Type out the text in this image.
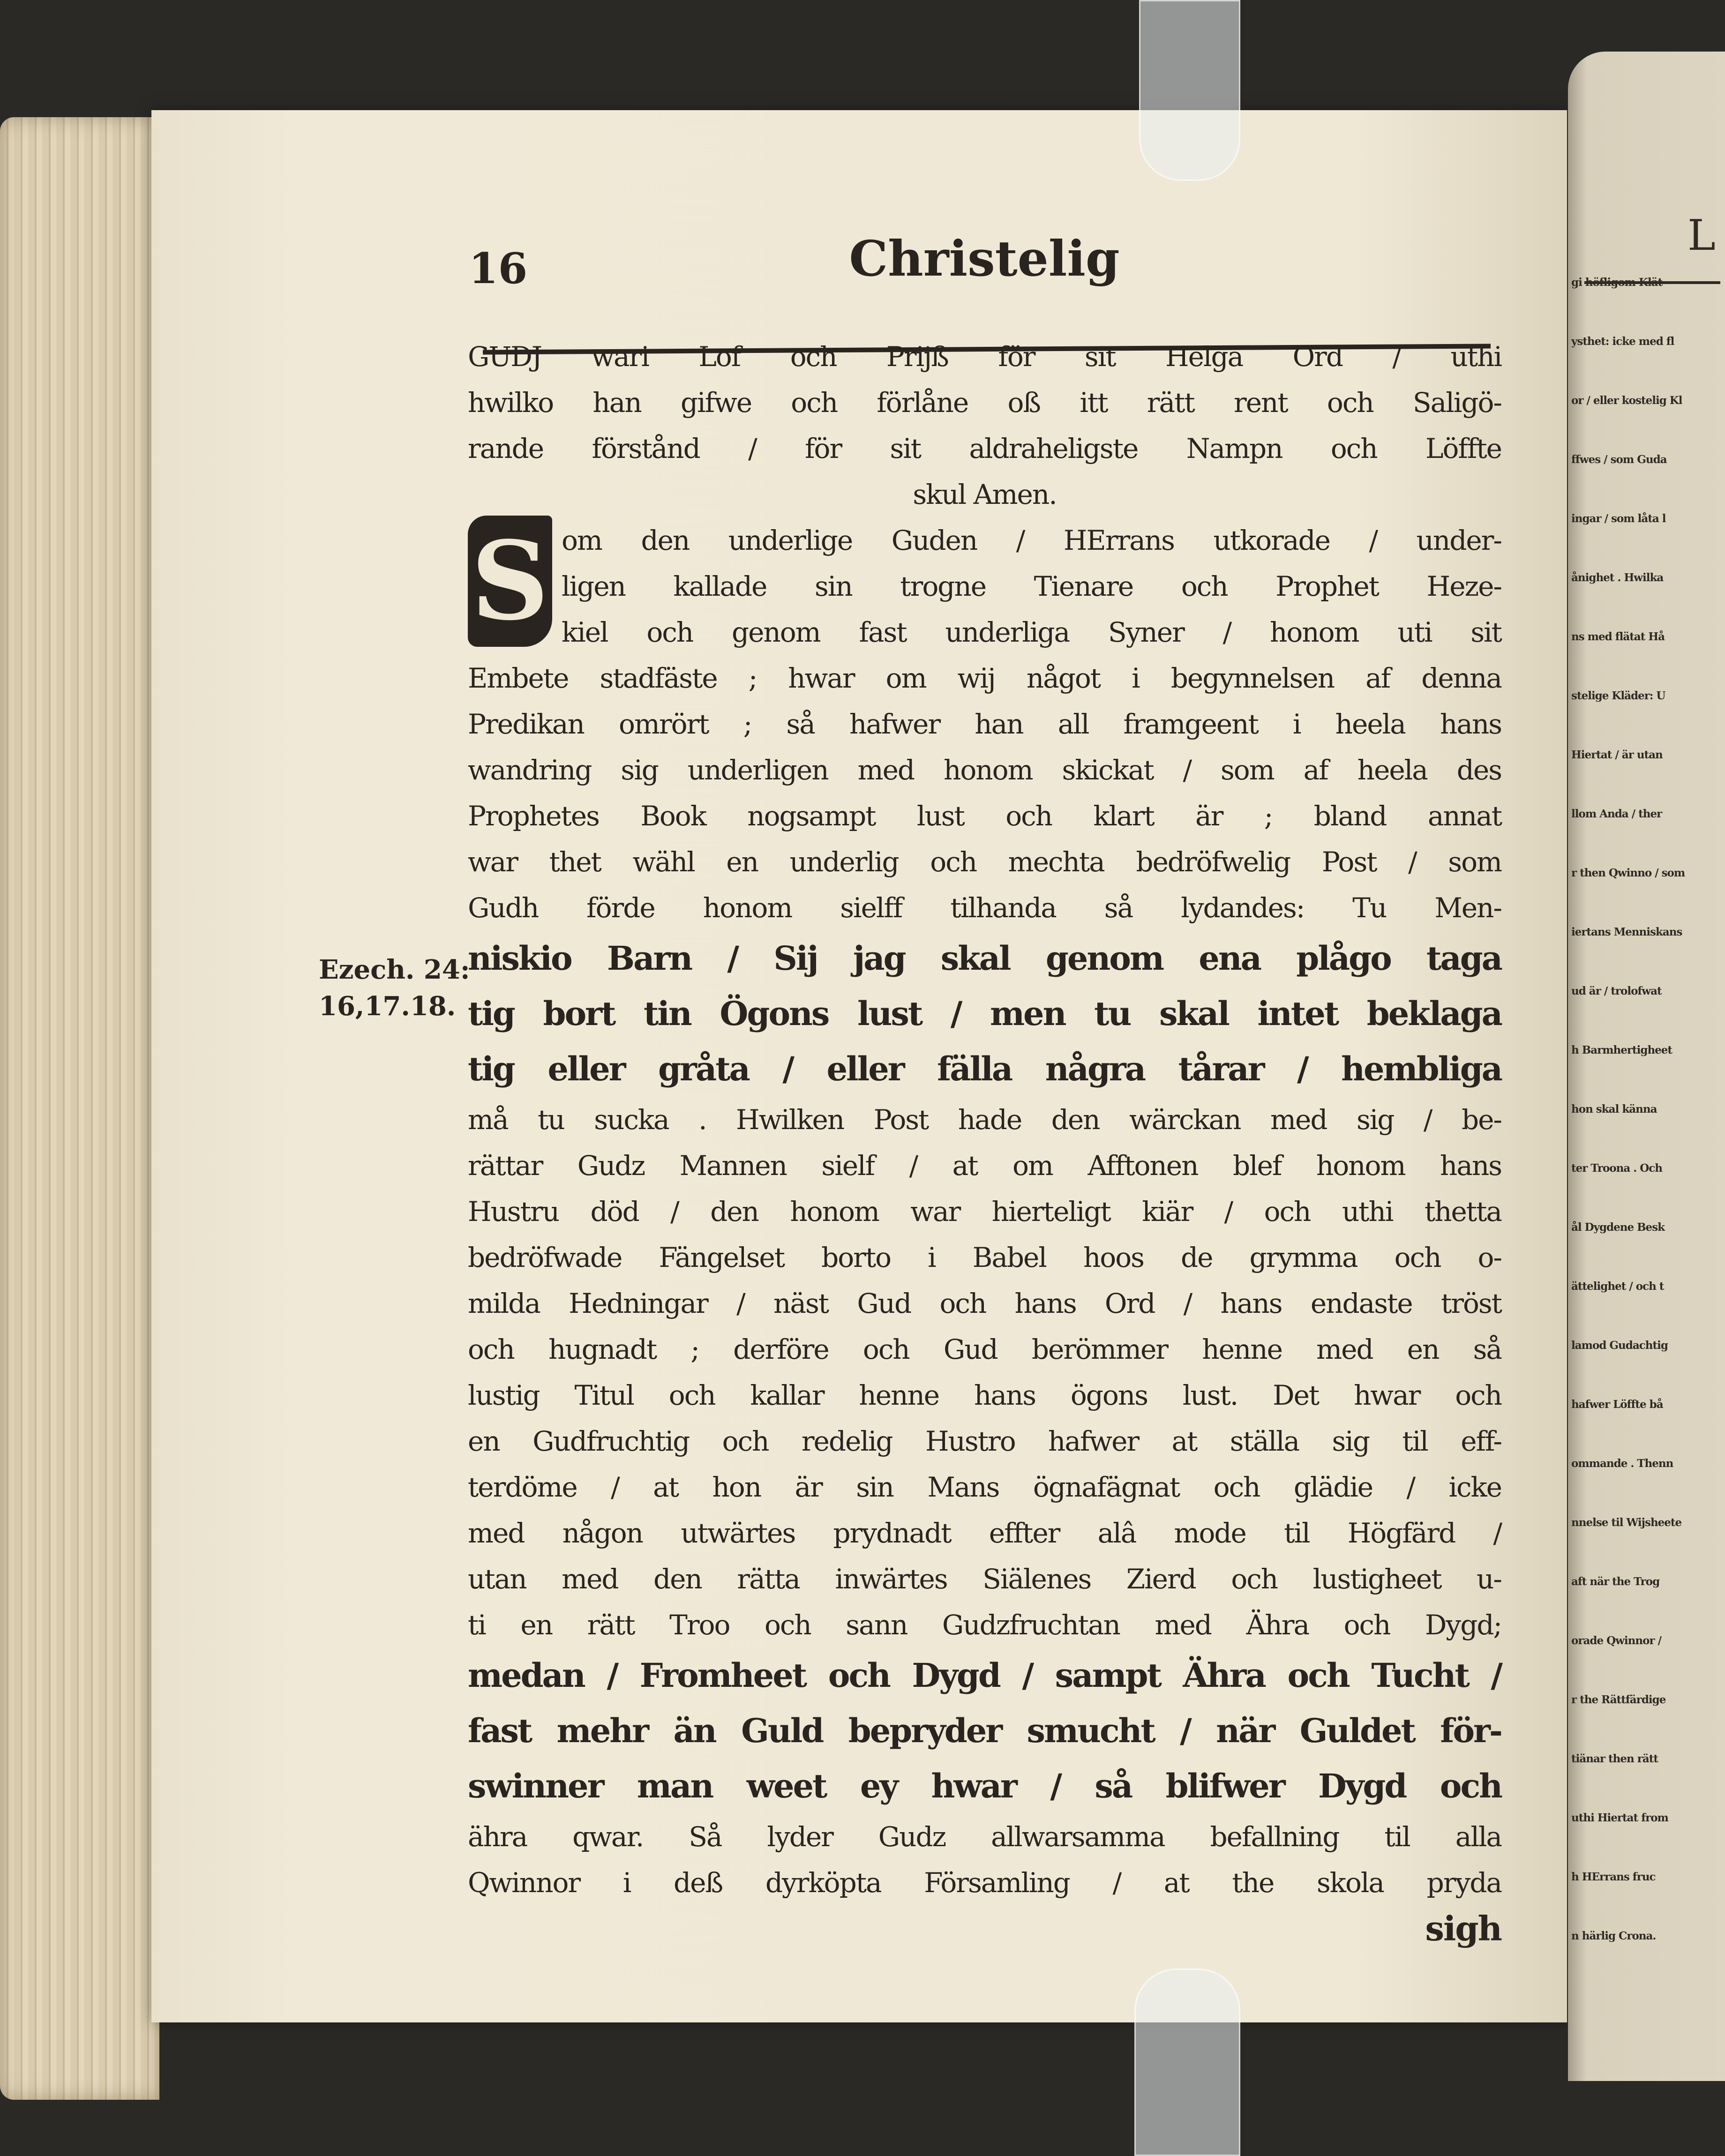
16	Christelig
GUDJ wari Lof och Prijß för sit Helga Ord / uthi
hwilko han gifwe och förlåne oß itt rätt rent och Saligö-
rande förstånd / för sit aldraheligste Nampn och Löffte
skul Amen.
om den underlige Guden / HErrans utkorade / under-
ligen kallade sin trogne Tienare och Prophet Heze-
kiel och genom fast underliga Syner / honom uti sit
Embete stadfäste ; hwar om wij något i begynnelsen af denna
Predikan omrört ; så hafwer han all framgeent i heela hans
wandring sig underligen med honom skickat / som af heela des
Prophetes Book nogsampt lust och klart är ; bland annat
war thet wähl en underlig och mechta bedröfwelig Post / som
Gudh förde honom sielff tilhanda så lydandes: Tu Men-
niskio Barn / Sij jag skal genom ena plågo taga
tig bort tin Ögons lust / men tu skal intet beklaga
tig eller gråta / eller fälla några tårar / hembliga
må tu sucka . Hwilken Post hade den wärckan med sig / be-
rättar Gudz Mannen sielf / at om Afftonen blef honom hans
Hustru död / den honom war hierteligt kiär / och uthi thetta
bedröfwade Fängelset borto i Babel hoos de grymma och o-
milda Hedningar / näst Gud och hans Ord / hans endaste tröst
och hugnadt ; derföre och Gud berömmer henne med en så
lustig Titul och kallar henne hans ögons lust. Det hwar och
en Gudfruchtig och redelig Hustro hafwer at ställa sig til eff-
terdöme / at hon är sin Mans ögnafägnat och glädie / icke
med någon utwärtes prydnadt effter alâ mode til Högfärd /
utan med den rätta inwärtes Siälenes Zierd och lustigheet u-
ti en rätt Troo och sann Gudzfruchtan med Ähra och Dygd;
medan / Fromheet och Dygd / sampt Ähra och Tucht /
fast mehr än Guld bepryder smucht / när Guldet för-
swinner man weet ey hwar / så blifwer Dygd och
ähra qwar. Så lyder Gudz allwarsamma befallning til alla
Qwinnor i deß dyrköpta Församling / at the skola pryda
sigh
S
Ezech. 24:
16,17.18.
L
gi höfligom Klät
ysthet: icke med fl
or / eller kostelig Kl
ffwes / som Guda
ingar / som låta l
ånighet . Hwilka
ns med flätat Hå
stelige Kläder: U
Hiertat / är utan
llom Anda / ther
r then Qwinno / som
iertans Menniskans
ud är / trolofwat
h Barmhertigheet
hon skal känna
ter Troona . Och
ål Dygdene Besk
ättelighet / och t
lamod Gudachtig
hafwer Löffte bå
ommande . Thenn
nnelse til Wijsheete
aft när the Trog
orade Qwinnor /
r the Rättfärdige
tiänar then rätt
uthi Hiertat from
h HErrans fruc
n härlig Crona.
